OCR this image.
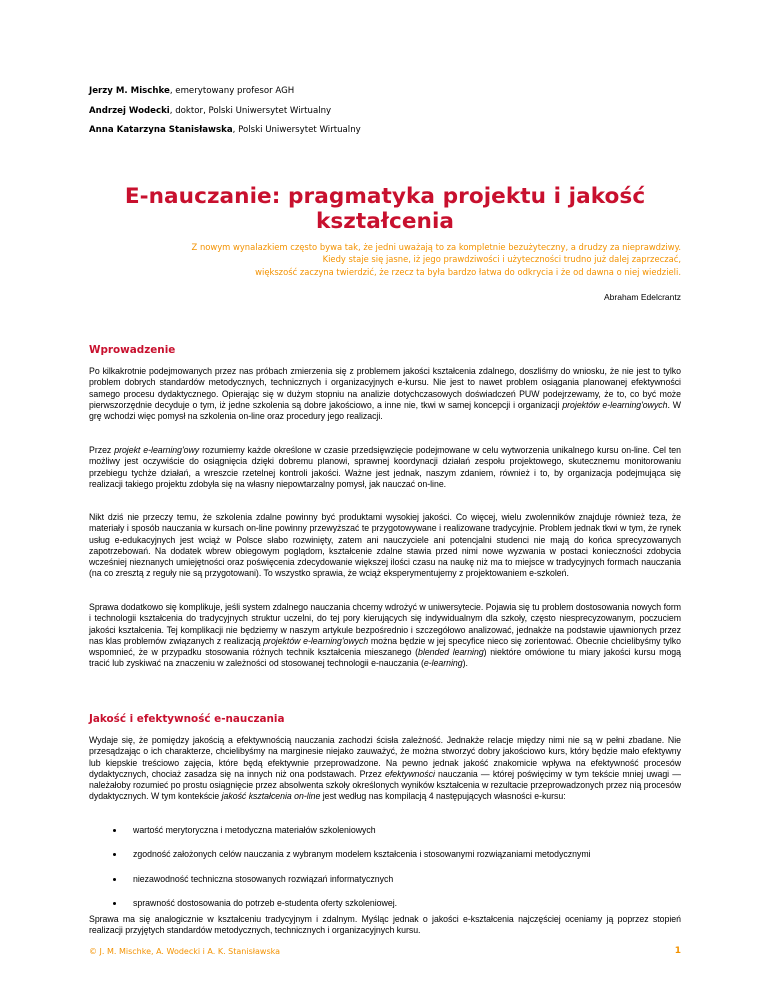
Jerzy M. Mischke, emerytowany profesor AGH
Andrzej Wodecki, doktor, Polski Uniwersytet Wirtualny
Anna Katarzyna Stanisławska, Polski Uniwersytet Wirtualny
E-nauczanie: pragmatyka projektu i jakość kształcenia
Z nowym wynalazkiem często bywa tak, że jedni uważają to za kompletnie bezużyteczny, a drudzy za nieprawdziwy.
Kiedy staje się jasne, iż jego prawdziwości i użyteczności trudno już dalej zaprzeczać,
większość zaczyna twierdzić, że rzecz ta była bardzo łatwa do odkrycia i że od dawna o niej wiedzieli.
Abraham Edelcrantz
Wprowadzenie

Po kilkakrotnie podejmowanych przez nas próbach zmierzenia się z problemem jakości kształcenia zdalnego, doszliśmy do wniosku, że nie jest to tylko problem dobrych standardów metodycznych, technicznych i organizacyjnych e-kursu. Nie jest to nawet problem osiągania planowanej efektywności samego procesu dydaktycznego. Opierając się w dużym stopniu na analizie dotychczasowych doświadczeń PUW podejrzewamy, że to, co być może pierwszorzędnie decyduje o tym, iż jedne szkolenia są dobre jakościowo, a inne nie, tkwi w samej koncepcji i organizacji projektów e-learning'owych. W grę wchodzi więc pomysł na szkolenia on-line oraz procedury jego realizacji.

Przez projekt e-learning'owy rozumiemy każde określone w czasie przedsięwzięcie podejmowane w celu wytworzenia unikalnego kursu on-line. Cel ten możliwy jest oczywiście do osiągnięcia dzięki dobremu planowi, sprawnej koordynacji działań zespołu projektowego, skutecznemu monitorowaniu przebiegu tychże działań, a wreszcie rzetelnej kontroli jakości. Ważne jest jednak, naszym zdaniem, również i to, by organizacja podejmująca się realizacji takiego projektu zdobyła się na własny niepowtarzalny pomysł, jak nauczać on-line.

Nikt dziś nie przeczy temu, że szkolenia zdalne powinny być produktami wysokiej jakości. Co więcej, wielu zwolenników znajduje również teza, że materiały i sposób nauczania w kursach on-line powinny przewyższać te przygotowywane i realizowane tradycyjnie. Problem jednak tkwi w tym, że rynek usług e-edukacyjnych jest wciąż w Polsce słabo rozwinięty, zatem ani nauczyciele ani potencjalni studenci nie mają do końca sprecyzowanych zapotrzebowań. Na dodatek wbrew obiegowym poglądom, kształcenie zdalne stawia przed nimi nowe wyzwania w postaci konieczności zdobycia wcześniej nieznanych umiejętności oraz poświęcenia zdecydowanie większej ilości czasu na naukę niż ma to miejsce w tradycyjnych formach nauczania (na co zresztą z reguły nie są przygotowani). To wszystko sprawia, że wciąż eksperymentujemy z projektowaniem e-szkoleń.

Sprawa dodatkowo się komplikuje, jeśli system zdalnego nauczania chcemy wdrożyć w uniwersytecie. Pojawia się tu problem dostosowania nowych form i technologii kształcenia do tradycyjnych struktur uczelni, do tej pory kierujących się indywidualnym dla szkoły, często niesprecyzowanym, poczuciem jakości kształcenia. Tej komplikacji nie będziemy w naszym artykule bezpośrednio i szczegółowo analizować, jednakże na podstawie ujawnionych przez nas klas problemów związanych z realizacją projektów e-learning'owych można będzie w jej specyfice nieco się zorientować. Obecnie chcielibyśmy tylko wspomnieć, że w przypadku stosowania różnych technik kształcenia mieszanego (blended learning) niektóre omówione tu miary jakości kursu mogą tracić lub zyskiwać na znaczeniu w zależności od stosowanej technologii e-nauczania (e-learning).

Jakość i efektywność e-nauczania

Wydaje się, że pomiędzy jakością a efektywnością nauczania zachodzi ścisła zależność. Jednakże relacje między nimi nie są w pełni zbadane. Nie przesądzając o ich charakterze, chcielibyśmy na marginesie niejako zauważyć, że można stworzyć dobry jakościowo kurs, który będzie mało efektywny lub kiepskie treściowo zajęcia, które będą efektywnie przeprowadzone. Na pewno jednak jakość znakomicie wpływa na efektywność procesów dydaktycznych, chociaż zasadza się na innych niż ona podstawach. Przez efektywności nauczania — której poświęcimy w tym tekście mniej uwagi — należałoby rozumieć po prostu osiągnięcie przez absolwenta szkoły określonych wyników kształcenia w rezultacie przeprowadzonych przez nią procesów dydaktycznych. W tym kontekście jakość kształcenia on-line jest według nas kompilacją 4 następujących własności e-kursu:

wartość merytoryczna i metodyczna materiałów szkoleniowych
zgodność założonych celów nauczania z wybranym modelem kształcenia i stosowanymi rozwiązaniami metodycznymi
niezawodność techniczna stosowanych rozwiązań informatycznych
sprawność dostosowania do potrzeb e-studenta oferty szkoleniowej.

Sprawa ma się analogicznie w kształceniu tradycyjnym i zdalnym. Myśląc jednak o jakości e-kształcenia najczęściej oceniamy ją poprzez stopień realizacji przyjętych standardów metodycznych, technicznych i organizacyjnych kursu.

© J. M. Mischke, A. Wodecki i A. K. Stanisławska	1
